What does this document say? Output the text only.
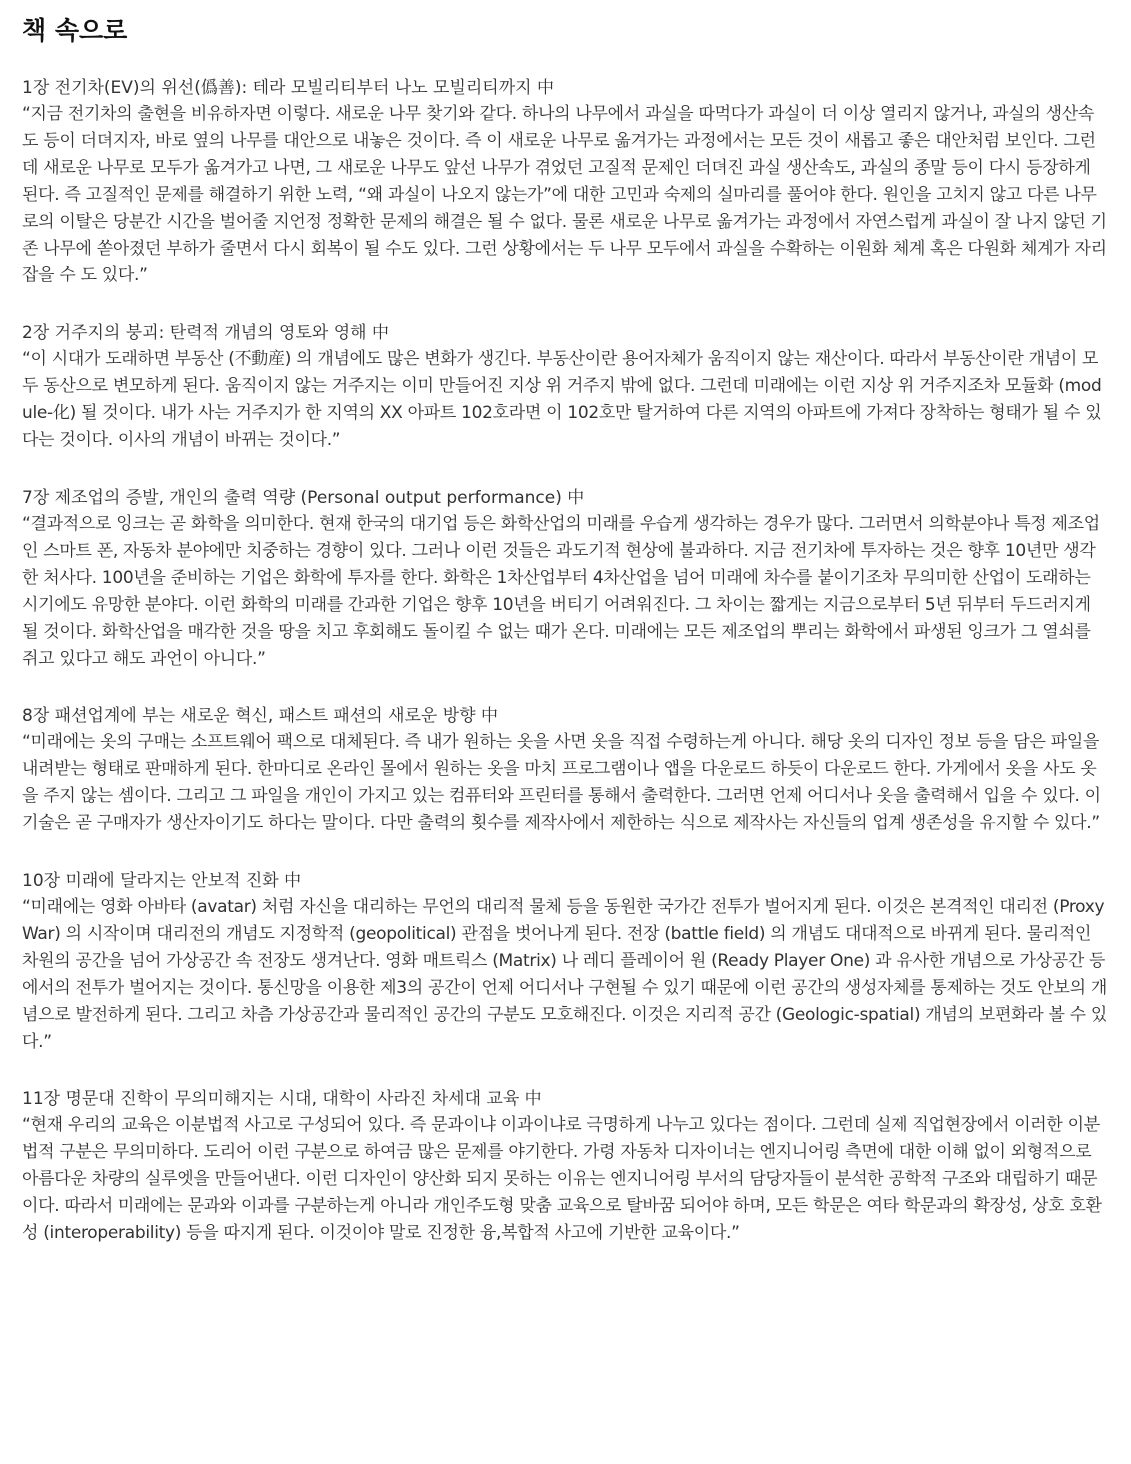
책 속으로
1장 전기차(EV)의 위선(僞善): 테라 모빌리티부터 나노 모빌리티까지 中

“지금 전기차의 출현을 비유하자면 이렇다. 새로운 나무 찾기와 같다. 하나의 나무에서 과실을 따먹다가 과실이 더 이상 열리지 않거나, 과실의 생산속도 등이 더뎌지자, 바로 옆의 나무를 대안으로 내놓은 것이다. 즉 이 새로운 나무로 옮겨가는 과정에서는 모든 것이 새롭고 좋은 대안처럼 보인다. 그런데 새로운 나무로 모두가 옮겨가고 나면, 그 새로운 나무도 앞선 나무가 겪었던 고질적 문제인 더뎌진 과실 생산속도, 과실의 종말 등이 다시 등장하게 된다. 즉 고질적인 문제를 해결하기 위한 노력, “왜 과실이 나오지 않는가”에 대한 고민과 숙제의 실마리를 풀어야 한다. 원인을 고치지 않고 다른 나무로의 이탈은 당분간 시간을 벌어줄 지언정 정확한 문제의 해결은 될 수 없다. 물론 새로운 나무로 옮겨가는 과정에서 자연스럽게 과실이 잘 나지 않던 기존 나무에 쏟아졌던 부하가 줄면서 다시 회복이 될 수도 있다. 그런 상황에서는 두 나무 모두에서 과실을 수확하는 이원화 체계 혹은 다원화 체계가 자리 잡을 수 도 있다.”

2장 거주지의 붕괴: 탄력적 개념의 영토와 영해 中

“이 시대가 도래하면 부동산 (不動産) 의 개념에도 많은 변화가 생긴다. 부동산이란 용어자체가 움직이지 않는 재산이다. 따라서 부동산이란 개념이 모두 동산으로 변모하게 된다. 움직이지 않는 거주지는 이미 만들어진 지상 위 거주지 밖에 없다. 그런데 미래에는 이런 지상 위 거주지조차 모듈화 (module-化) 될 것이다. 내가 사는 거주지가 한 지역의 XX 아파트 102호라면 이 102호만 탈거하여 다른 지역의 아파트에 가져다 장착하는 형태가 될 수 있다는 것이다. 이사의 개념이 바뀌는 것이다.”

7장 제조업의 증발, 개인의 출력 역량 (Personal output performance) 中

“결과적으로 잉크는 곧 화학을 의미한다. 현재 한국의 대기업 등은 화학산업의 미래를 우습게 생각하는 경우가 많다. 그러면서 의학분야나 특정 제조업인 스마트 폰, 자동차 분야에만 치중하는 경향이 있다. 그러나 이런 것들은 과도기적 현상에 불과하다. 지금 전기차에 투자하는 것은 향후 10년만 생각한 처사다. 100년을 준비하는 기업은 화학에 투자를 한다. 화학은 1차산업부터 4차산업을 넘어 미래에 차수를 붙이기조차 무의미한 산업이 도래하는 시기에도 유망한 분야다. 이런 화학의 미래를 간과한 기업은 향후 10년을 버티기 어려워진다. 그 차이는 짧게는 지금으로부터 5년 뒤부터 두드러지게 될 것이다. 화학산업을 매각한 것을 땅을 치고 후회해도 돌이킬 수 없는 때가 온다. 미래에는 모든 제조업의 뿌리는 화학에서 파생된 잉크가 그 열쇠를 쥐고 있다고 해도 과언이 아니다.”

8장 패션업계에 부는 새로운 혁신, 패스트 패션의 새로운 방향 中

“미래에는 옷의 구매는 소프트웨어 팩으로 대체된다. 즉 내가 원하는 옷을 사면 옷을 직접 수령하는게 아니다. 해당 옷의 디자인 정보 등을 담은 파일을 내려받는 형태로 판매하게 된다. 한마디로 온라인 몰에서 원하는 옷을 마치 프로그램이나 앱을 다운로드 하듯이 다운로드 한다. 가게에서 옷을 사도 옷을 주지 않는 셈이다. 그리고 그 파일을 개인이 가지고 있는 컴퓨터와 프린터를 통해서 출력한다. 그러면 언제 어디서나 옷을 출력해서 입을 수 있다. 이 기술은 곧 구매자가 생산자이기도 하다는 말이다. 다만 출력의 횟수를 제작사에서 제한하는 식으로 제작사는 자신들의 업계 생존성을 유지할 수 있다.”

10장 미래에 달라지는 안보적 진화 中

“미래에는 영화 아바타 (avatar) 처럼 자신을 대리하는 무언의 대리적 물체 등을 동원한 국가간 전투가 벌어지게 된다. 이것은 본격적인 대리전 (Proxy War) 의 시작이며 대리전의 개념도 지정학적 (geopolitical) 관점을 벗어나게 된다. 전장 (battle field) 의 개념도 대대적으로 바뀌게 된다. 물리적인 차원의 공간을 넘어 가상공간 속 전장도 생겨난다. 영화 매트릭스 (Matrix) 나 레디 플레이어 원 (Ready Player One) 과 유사한 개념으로 가상공간 등에서의 전투가 벌어지는 것이다. 통신망을 이용한 제3의 공간이 언제 어디서나 구현될 수 있기 때문에 이런 공간의 생성자체를 통제하는 것도 안보의 개념으로 발전하게 된다. 그리고 차츰 가상공간과 물리적인 공간의 구분도 모호해진다. 이것은 지리적 공간 (Geologic-spatial) 개념의 보편화라 볼 수 있다.”

11장 명문대 진학이 무의미해지는 시대, 대학이 사라진 차세대 교육 中

“현재 우리의 교육은 이분법적 사고로 구성되어 있다. 즉 문과이냐 이과이냐로 극명하게 나누고 있다는 점이다. 그런데 실제 직업현장에서 이러한 이분법적 구분은 무의미하다. 도리어 이런 구분으로 하여금 많은 문제를 야기한다. 가령 자동차 디자이너는 엔지니어링 측면에 대한 이해 없이 외형적으로 아름다운 차량의 실루엣을 만들어낸다. 이런 디자인이 양산화 되지 못하는 이유는 엔지니어링 부서의 담당자들이 분석한 공학적 구조와 대립하기 때문이다. 따라서 미래에는 문과와 이과를 구분하는게 아니라 개인주도형 맞춤 교육으로 탈바꿈 되어야 하며, 모든 학문은 여타 학문과의 확장성, 상호 호환성 (interoperability) 등을 따지게 된다. 이것이야 말로 진정한 융,복합적 사고에 기반한 교육이다.”
